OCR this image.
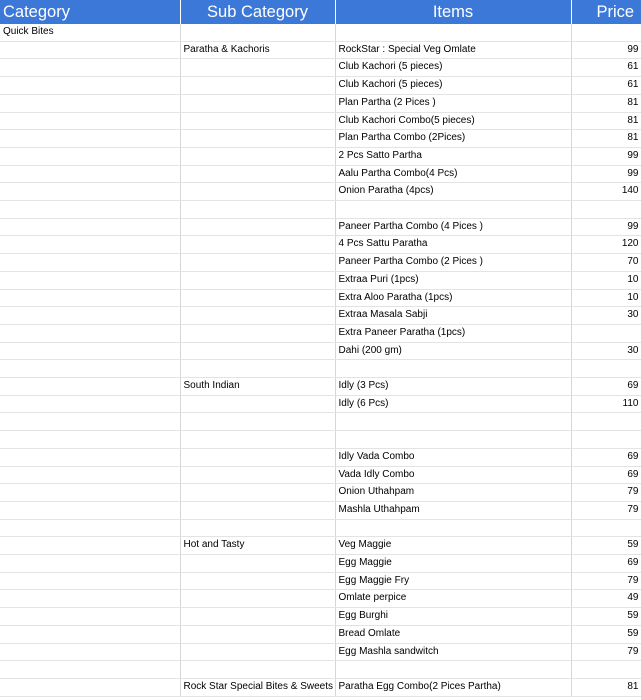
Category	Sub Category	Items	Price
Quick Bites			
	Paratha & Kachoris	RockStar : Special Veg Omlate	99
		Club Kachori (5 pieces)	61
		Club Kachori (5 pieces)	61
		Plan Partha (2 Pices )	81
		Club Kachori Combo(5 pieces)	81
		Plan Partha Combo (2Pices)	81
		2 Pcs Satto Partha	99
		Aalu Partha Combo(4 Pcs)	99
		Onion Paratha (4pcs)	140

		Paneer Partha Combo (4 Pices )	99
		4 Pcs Sattu Paratha	120
		Paneer Partha Combo (2 Pices )	70
		Extraa Puri (1pcs)	10
		Extra Aloo Paratha (1pcs)	10
		Extraa Masala Sabji	30
		Extra Paneer Paratha (1pcs)	
		Dahi (200 gm)	30

	South Indian	Idly (3 Pcs)	69
		Idly (6 Pcs)	110

		Idly Vada Combo	69
		Vada Idly Combo	69
		Onion Uthahpam	79
		Mashla Uthahpam	79

	Hot and Tasty	Veg Maggie	59
		Egg Maggie	69
		Egg Maggie Fry	79
		Omlate perpice	49
		Egg Burghi	59
		Bread Omlate	59
		Egg Mashla sandwitch	79

	Rock Star Special Bites & Sweets	Paratha Egg Combo(2 Pices Partha)	81
